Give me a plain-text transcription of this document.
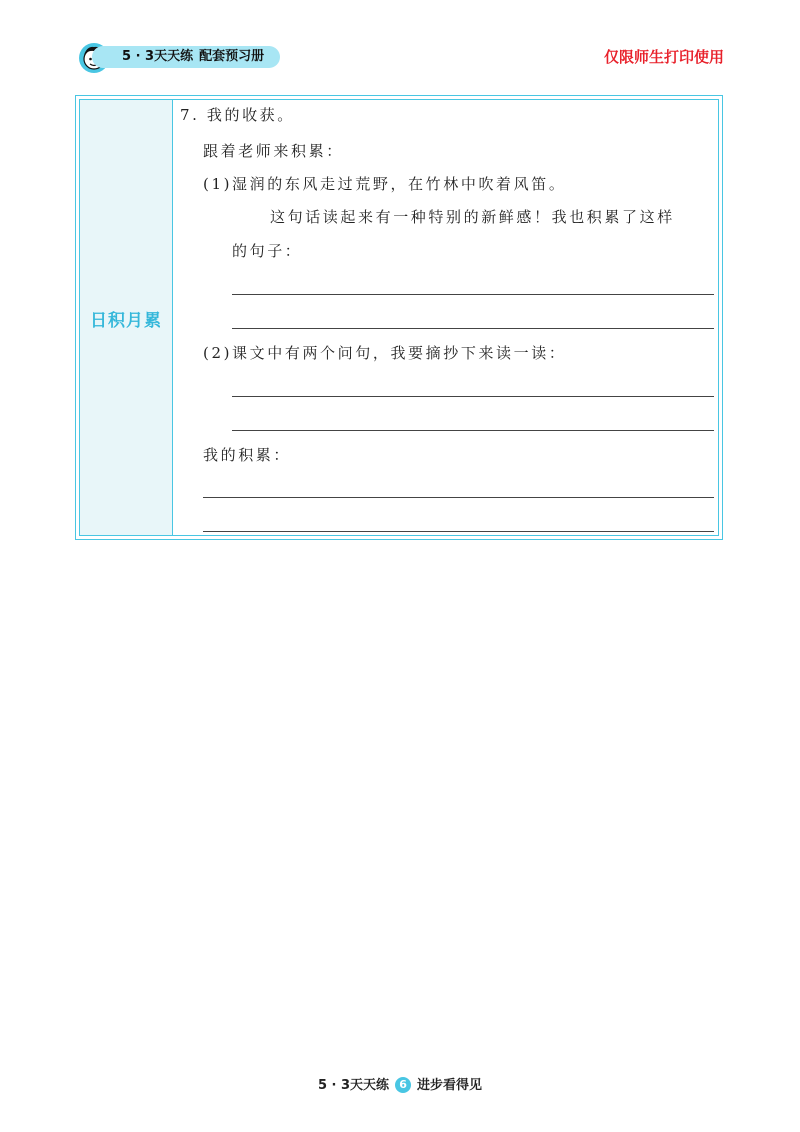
5 · 3天天练 配套预习册	仅限师生打印使用
日积月累
7. 我的收获。
跟着老师来积累：
(1)湿润的东风走过荒野，在竹林中吹着风笛。
这句话读起来有一种特别的新鲜感！我也积累了这样
的句子：
(2)课文中有两个问句，我要摘抄下来读一读：
我的积累：
5 · 3天天练 6 进步看得见
